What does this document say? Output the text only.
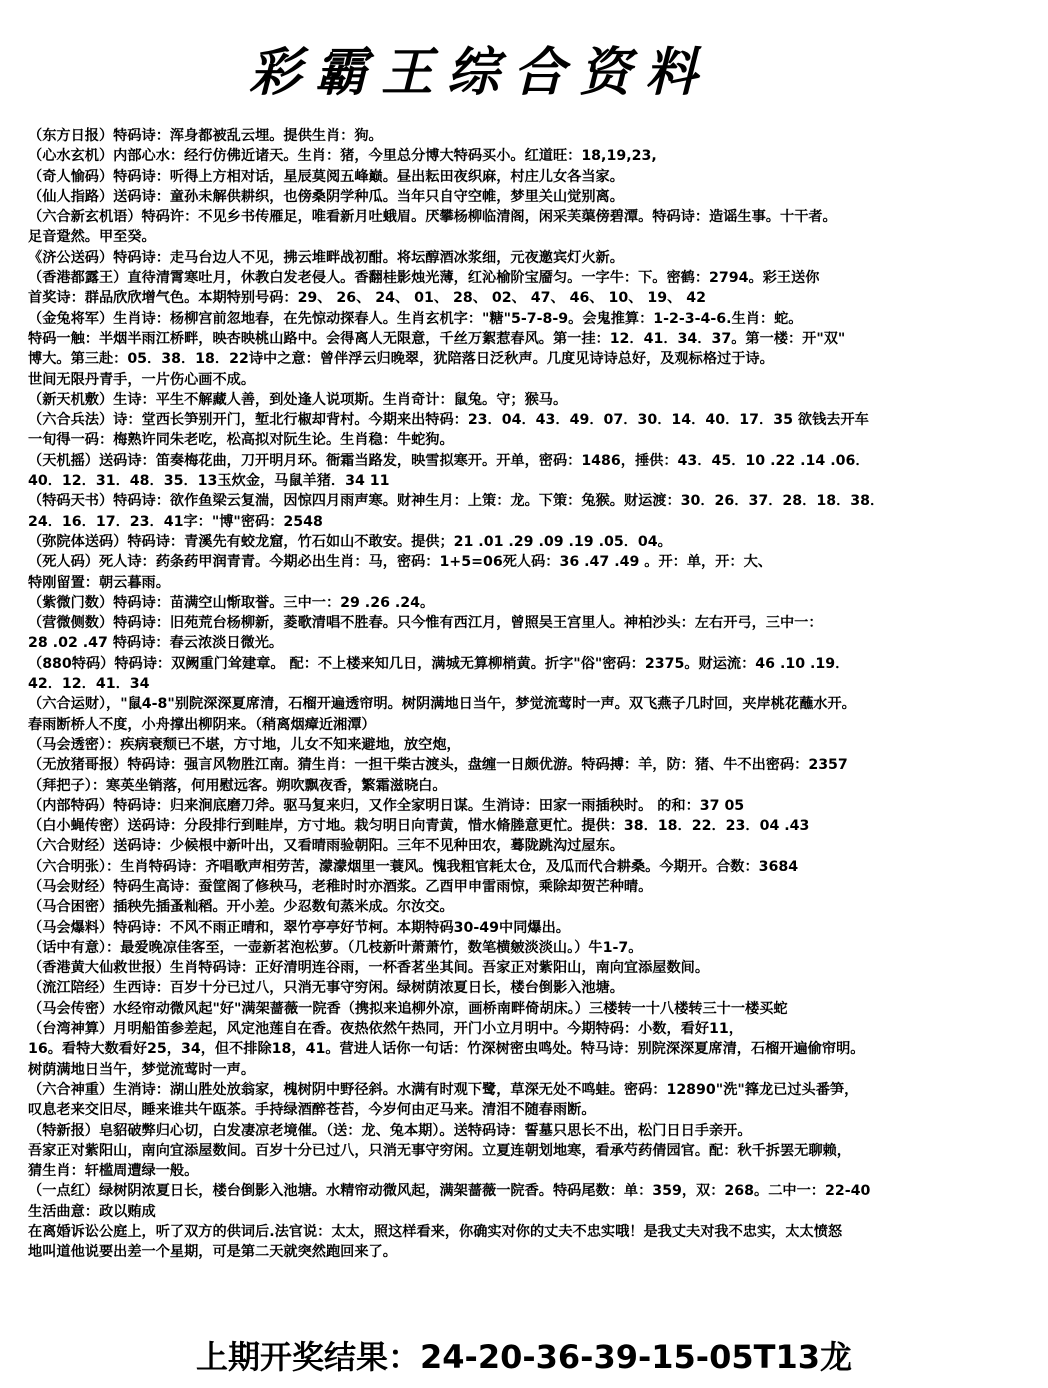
彩霸王综合资料
（东方日报）特码诗：浑身都被乱云埋。提供生肖：狗。
（心水玄机）内部心水：经行仿佛近诸天。生肖：猪，今里总分博大特码买小。红道旺：18,19,23,
（奇人愉码）特码诗：听得上方相对话，星辰莫阅五峰巅。昼出耘田夜织麻，村庄儿女各当家。
（仙人指路）送码诗：童孙未解供耕织，也傍桑阴学种瓜。当年只自守空帷，梦里关山觉别离。
（六合新玄机语）特码许：不见乡书传雁足，唯看新月吐蛾眉。厌攀杨柳临清阁，闲采芙蕖傍碧潭。特码诗：造谣生事。十干者。
足音跫然。甲至癸。
《济公送码）特码诗：走马台边人不见，拂云堆畔战初酣。将坛醇酒冰浆细，元夜邀宾灯火新。
（香港都露王）直待清霄寒吐月，休教白发老侵人。香翻桂影烛光薄，红沁榆阶宝靥匀。一字牛：下。密鹤：2794。彩王送你
首奖诗：群品欣欣增气色。本期特别号码：29、 26、 24、 01、 28、 02、 47、 46、 10、 19、 42
（金兔将军）生肖诗：杨柳宫前忽地春，在先惊动探春人。生肖玄机字："糖"5-7-8-9。会鬼推算：1-2-3-4-6.生肖：蛇。
特码一触：半烟半雨江桥畔，映杏映桃山路中。会得离人无限意，千丝万絮惹春风。第一挂：12．41．34．37。第一楼：开"双"
博大。第三赴：05．38．18．22诗中之意：曾伴浮云归晚翠，犹陪落日泛秋声。几度见诗诗总好，及观标格过于诗。
世间无限丹青手，一片伤心画不成。
（新天机敷）生诗：平生不解藏人善，到处逢人说项斯。生肖奇计：鼠兔。守；猴马。
（六合兵法）诗：堂西长笋别开门，堑北行椒却背村。今期来出特码：23．04．43．49．07．30．14．40．17．35 欲钱去开车
一旬得一码：梅熟许同朱老吃，松高拟对阮生论。生肖稳：牛蛇狗。
（天机摇）送码诗：笛奏梅花曲，刀开明月环。衙霜当路发，映雪拟寒开。开单，密码：1486，捶供：43．45．10 .22 .14 .06．
40．12．31．48．35．13玉炊金，马鼠羊猪．34 11
（特码天书）特码诗：欲作鱼梁云复湍，因惊四月雨声寒。财神生月：上策：龙。下策：兔猴。财运渡：30．26．37．28．18．38．
24．16．17．23．41字："博"密码：2548
（弥院体送码）特码诗：青溪先有蛟龙窟，竹石如山不敢安。提供；21 .01 .29 .09 .19 .05．04。
（死人码）死人诗：药条药甲润青青。今期必出生肖：马，密码：1+5=06死人码：36 .47 .49 。开：单，开：大、
特刚留置：朝云暮雨。
（紫微门数）特码诗：苗满空山惭取誉。三中一：29 .26 .24。
（营微侧数）特码诗：旧苑荒台杨柳新，菱歌清唱不胜春。只今惟有西江月，曾照吴王宫里人。神柏沙头：左右开弓，三中一：
28 .02 .47 特码诗：春云浓淡日微光。
（880特码）特码诗：双阙重门耸建章。 配：不上楼来知几日，满城无算柳梢黄。折字"俗"密码：2375。财运流：46 .10 .19．
42．12．41．34
（六合运财），"鼠4-8"别院深深夏席清，石榴开遍透帘明。树阴满地日当午，梦觉流莺时一声。双飞燕子几时回，夹岸桃花蘸水开。
春雨断桥人不度，小舟撑出柳阴来。（稍离烟瘴近湘潭）
（马会透密）：疾病衰颓已不堪，方寸地，儿女不知来避地，放空炮，
（无放猪哥报）特码诗：强言风物胜江南。猜生肖：一担干柴古渡头，盘缠一日颇优游。特码搏：羊，防：猪、牛不出密码：2357
（拜把子）：寒英坐销落，何用慰远客。朔吹飘夜香，繁霜滋晓白。
（内部特码）特码诗：归来涧底磨刀斧。驱马复来归，又作全家明日谋。生消诗：田家一雨插秧时。 的和：37 05
（白小蝇传密）送码诗：分段排行到畦岸，方寸地。栽匀明日向青黄，惜水脩塍意更忙。提供：38．18．22．23．04 .43
（六合财经）送码诗：少候根中新叶出，又看晴雨验朝阳。三年不见种田农，蓦陇跳沟过屋东。
（六合明张）：生肖特码诗：齐唱歌声相劳苦，濛濛烟里一蓑风。愧我粗官耗太仓，及瓜而代合耕桑。今期开。合数：3684
（马会财经）特码生高诗：蚕筐阁了修秧马，老稚时时亦酒浆。乙酉甲申雷雨惊，乘除却贺芒种晴。
（马合困密）插秧先插蚤籼稻。开小差。少忍数旬蒸米成。尔汝交。
（马会爆料）特码诗：不风不雨正晴和，翠竹亭亭好节柯。本期特码30-49中同爆出。
（话中有意）：最爱晚凉佳客至，一壶新茗泡松萝。（几枝新叶萧萧竹，数笔横皴淡淡山。）牛1-7。
（香港黄大仙救世报）生肖特码诗：正好清明连谷雨，一杯香茗坐其间。吾家正对紫阳山，南向宜添屋数间。
（流江陪经）生西诗：百岁十分已过八，只消无事守穷闲。绿树荫浓夏日长，楼台倒影入池塘。
（马会传密）水经帘动微风起"好"满架蔷薇一院香（携拟来追柳外凉，画桥南畔倚胡床。）三楼转一十八楼转三十一楼买蛇
（台湾神算）月明船笛参差起，风定池莲自在香。夜热依然午热同，开门小立月明中。今期特码：小数，看好11，
16。看特大数看好25，34，但不排除18，41。营进人话你一句话：竹深树密虫鸣处。特马诗：别院深深夏席清，石榴开遍偷帘明。
树荫满地日当午，梦觉流莺时一声。
（六合神重）生消诗：湖山胜处放翁家，槐树阴中野径斜。水满有时观下鹭，草深无处不鸣蛙。密码：12890"洗"箨龙已过头番笋，
叹息老来交旧尽，睡来谁共午瓯茶。手持绿酒醉苍苔，今岁何由疋马来。清泪不随春雨断。
（特新报）皂貂破弊归心切，白发凄凉老境催。（送：龙、兔本期）。送特码诗：誓墓只思长不出，松门日日手亲开。
吾家正对紫阳山，南向宜添屋数间。百岁十分已过八，只消无事守穷闲。立夏连朝划地寒，看承芍药倩园官。配：秋千拆罢无聊赖，
猜生肖：轩槛周遭绿一般。
（一点红）绿树阴浓夏日长，楼台倒影入池塘。水精帘动微风起，满架蔷薇一院香。特码尾数：单：359，双：268。二中一：22-40
生活曲意：政以贿成
在离婚诉讼公庭上，听了双方的供词后.法官说：太太，照这样看来，你确实对你的丈夫不忠实哦！是我丈夫对我不忠实，太太愤怒
地叫道他说要出差一个星期，可是第二天就突然跑回来了。
上期开奖结果：24-20-36-39-15-05T13龙
